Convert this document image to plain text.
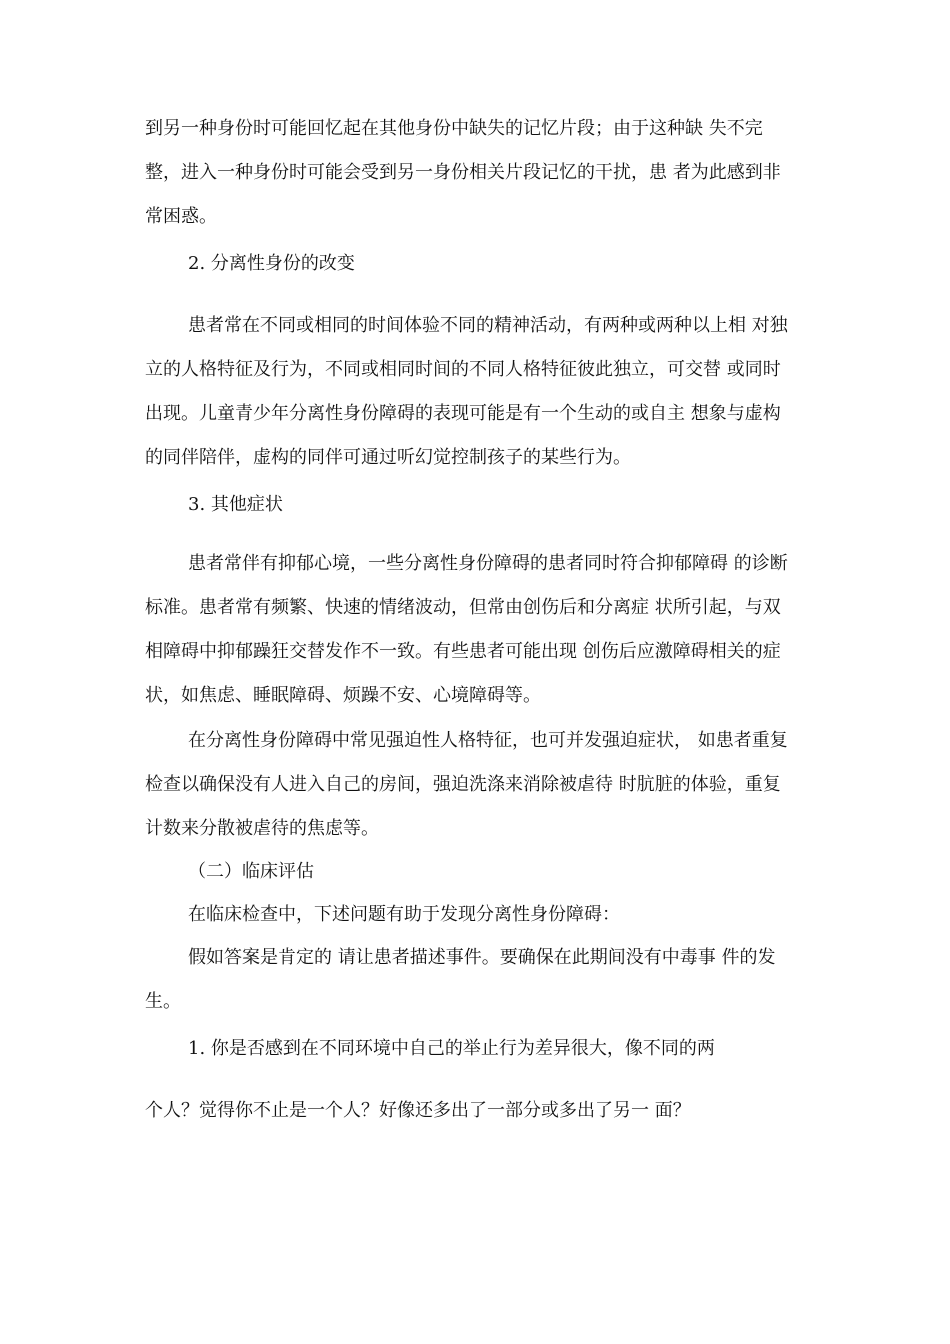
到另一种身份时可能回忆起在其他身份中缺失的记忆片段；由于这种缺 失不完

整，进入一种身份时可能会受到另一身份相关片段记忆的干扰，患 者为此感到非

常困惑。

2. 分离性身份的改变

患者常在不同或相同的时间体验不同的精神活动，有两种或两种以上相 对独

立的人格特征及行为，不同或相同时间的不同人格特征彼此独立，可交替 或同时

出现。儿童青少年分离性身份障碍的表现可能是有一个生动的或自主 想象与虚构

的同伴陪伴，虚构的同伴可通过听幻觉控制孩子的某些行为。

3. 其他症状

患者常伴有抑郁心境，一些分离性身份障碍的患者同时符合抑郁障碍 的诊断

标准。患者常有频繁、快速的情绪波动，但常由创伤后和分离症 状所引起，与双

相障碍中抑郁躁狂交替发作不一致。有些患者可能出现 创伤后应激障碍相关的症

状，如焦虑、睡眠障碍、烦躁不安、心境障碍等。

在分离性身份障碍中常见强迫性人格特征，也可并发强迫症状， 如患者重复

检查以确保没有人进入自己的房间，强迫洗涤来消除被虐待 时肮脏的体验，重复

计数来分散被虐待的焦虑等。

（二）临床评估

在临床检查中，下述问题有助于发现分离性身份障碍：

假如答案是肯定的 请让患者描述事件。要确保在此期间没有中毒事 件的发

生。

1. 你是否感到在不同环境中自己的举止行为差异很大，像不同的两

个人？觉得你不止是一个人？好像还多出了一部分或多出了另一 面？
